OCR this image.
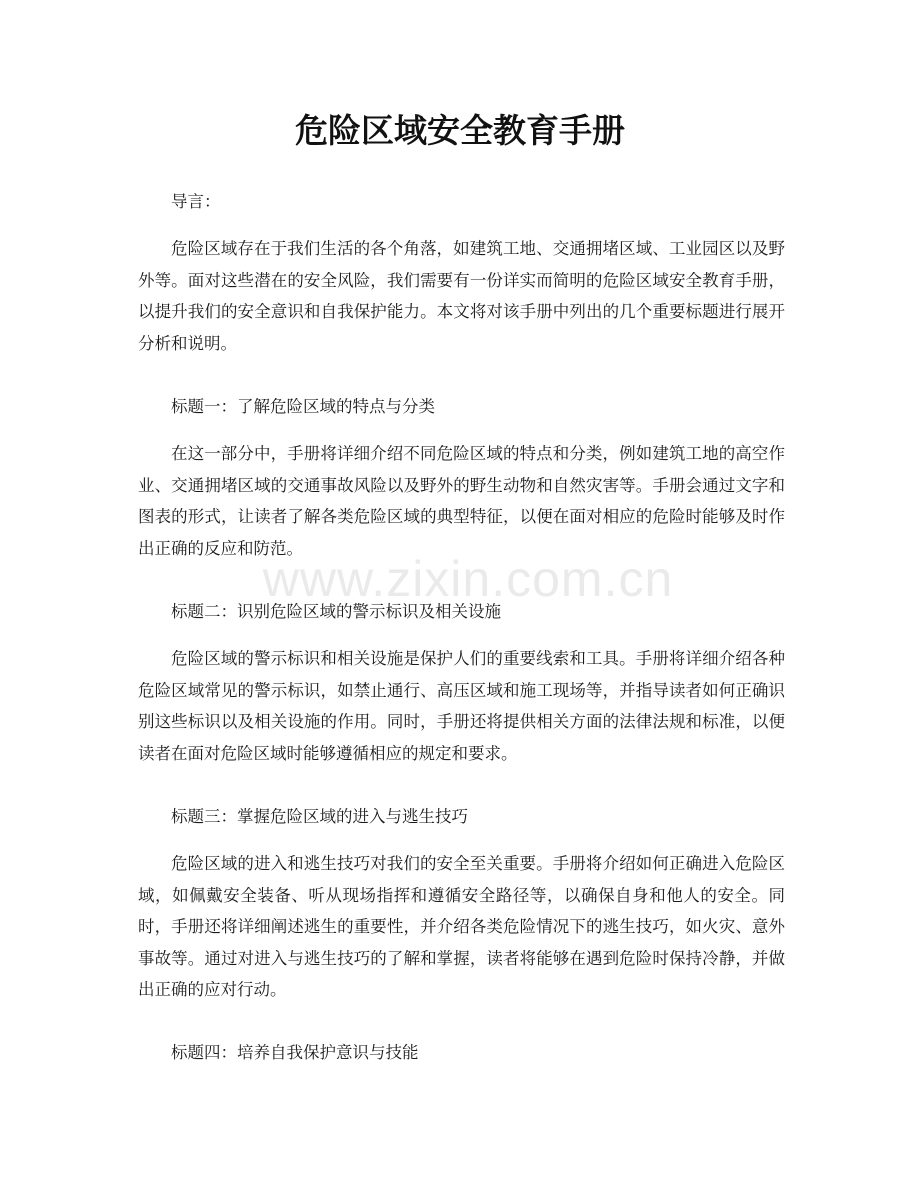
危险区域安全教育手册

导言：

危险区域存在于我们生活的各个角落，如建筑工地、交通拥堵区域、工业园区以及野外等。面对这些潜在的安全风险，我们需要有一份详实而简明的危险区域安全教育手册，以提升我们的安全意识和自我保护能力。本文将对该手册中列出的几个重要标题进行展开分析和说明。

标题一：了解危险区域的特点与分类

在这一部分中，手册将详细介绍不同危险区域的特点和分类，例如建筑工地的高空作业、交通拥堵区域的交通事故风险以及野外的野生动物和自然灾害等。手册会通过文字和图表的形式，让读者了解各类危险区域的典型特征，以便在面对相应的危险时能够及时作出正确的反应和防范。

标题二：识别危险区域的警示标识及相关设施

危险区域的警示标识和相关设施是保护人们的重要线索和工具。手册将详细介绍各种危险区域常见的警示标识，如禁止通行、高压区域和施工现场等，并指导读者如何正确识别这些标识以及相关设施的作用。同时，手册还将提供相关方面的法律法规和标准，以便读者在面对危险区域时能够遵循相应的规定和要求。

标题三：掌握危险区域的进入与逃生技巧

危险区域的进入和逃生技巧对我们的安全至关重要。手册将介绍如何正确进入危险区域，如佩戴安全装备、听从现场指挥和遵循安全路径等，以确保自身和他人的安全。同时，手册还将详细阐述逃生的重要性，并介绍各类危险情况下的逃生技巧，如火灾、意外事故等。通过对进入与逃生技巧的了解和掌握，读者将能够在遇到危险时保持冷静，并做出正确的应对行动。

标题四：培养自我保护意识与技能

www.zixin.com.cn
